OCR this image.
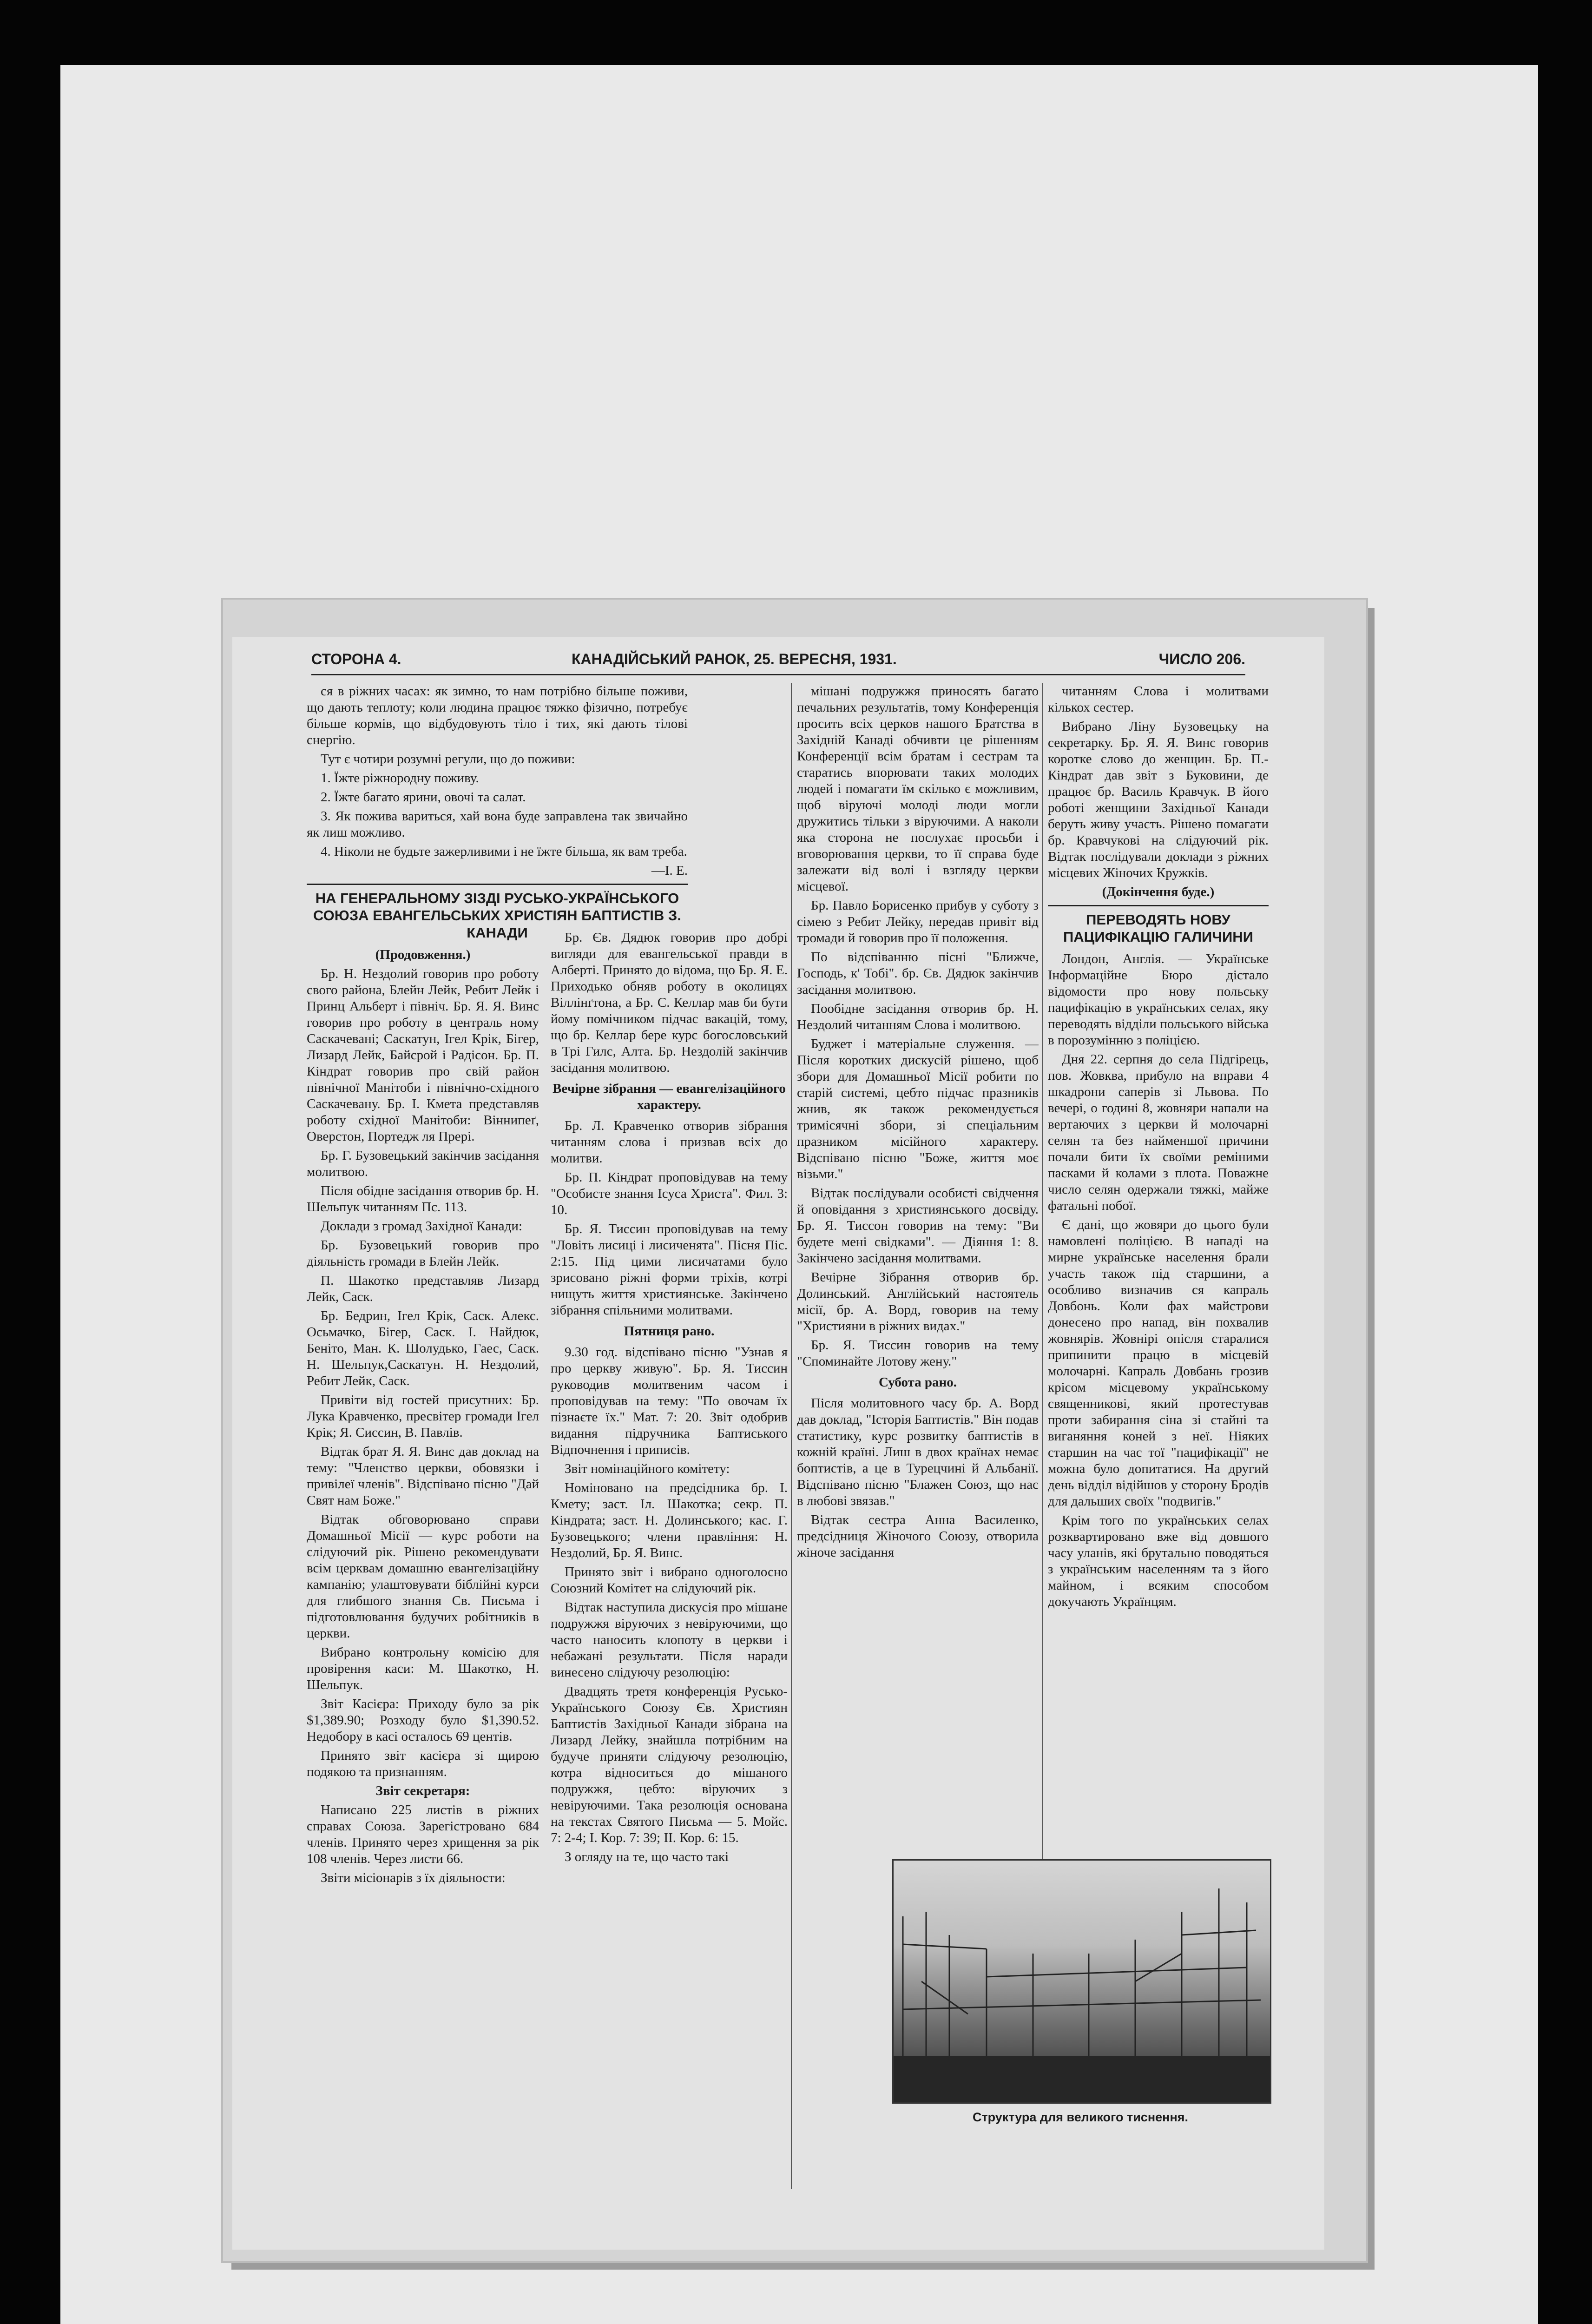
СТОРОНА 4.	КАНАДІЙСЬКИЙ РАНОК, 25. ВЕРЕСНЯ, 1931.	ЧИСЛО 206.

ся в ріжних часах: як зимно, то нам потрібно більше поживи, що дають теплоту; коли людина працює тяжко фізично, потребує більше кормів, що відбудовують тіло і тих, які дають тілові снергію.

Тут є чотири розумні регули, що до поживи:

1. Їжте ріжнородну поживу.

2. Їжте багато ярини, овочі та салат.

3. Як пожива вариться, хай вона буде заправлена так звичайно як лиш можливо.

4. Ніколи не будьте зажерливими і не їжте більша, як вам треба.

—І. Е.

НА ГЕНЕРАЛЬНОМУ ЗІЗДІ РУСЬКО-УКРАЇНСЬКОГО СОЮЗА ЕВАНГЕЛЬСЬКИХ ХРИСТІЯН БАПТИСТІВ З. КАНАДИ

(Продовження.)

Бр. Н. Нездолий говорив про роботу свого района, Блейн Лейк, Ребит Лейк і Принц Альберт і північ. Бр. Я. Я. Винс говорив про роботу в централь ному Саскачевані; Саскатун, Ігел Крік, Бігер, Лизард Лейк, Байсрой і Радісон. Бр. П. Кіндрат говорив про свій район північної Манітоби і північно-східного Саскачевану. Бр. І. Кмета представляв роботу східної Манітоби: Віннипеґ, Оверстон, Портедж ля Прері.

Бр. Г. Бузовецький закінчив засідання молитвою.

Після обідне засідання отворив бр. Н. Шельпук читанням Пс. 113.

Доклади з громад Західної Канади:

Бр. Бузовецький говорив про діяльність громади в Блейн Лейк.

П. Шакотко представляв Лизард Лейк, Саск.

Бр. Бедрин, Ігел Крік, Саск. Алекс. Осьмачко, Бігер, Саск. І. Найдюк, Беніто, Ман. К. Шолудько, Гаес, Саск. Н. Шельпук,Саскатун. Н. Нездолий, Ребит Лейк, Саск.

Привіти від гостей присутних: Бр. Лука Кравченко, пресвітер громади Ігел Крік; Я. Сиссин, В. Павлів.

Відтак брат Я. Я. Винс дав доклад на тему: "Членство церкви, обовязки і привілеї членів". Відспівано пісню "Дай Свят нам Боже."

Відтак обговорювано справи Домашньої Місії — курс роботи на слідуючий рік. Рішено рекомендувати всім церквам домашню евангелізаційну кампанію; улаштовувати біблійні курси для глибшого знання Св. Письма і підготовлювання будучих робітників в церкви.

Вибрано контрольну комісію для провірення каси: М. Шакотко, Н. Шельпук.

Звіт Касієра: Приходу було за рік $1,389.90; Розходу було $1,390.52. Недобору в касі осталось 69 центів.

Принято звіт касієра зі щирою подякою та признанням.

Звіт секретаря:

Написано 225 листів в ріжних справах Союза. Зарегістровано 684 членів. Принято через хрищення за рік 108 членів. Через листи 66.

Звіти місіонарів з їх діяльности:

Бр. Єв. Дядюк говорив про добрі вигляди для евангельської правди в Алберті. Принято до відома, що Бр. Я. Е. Приходько обняв роботу в околицях Віллінґтона, а Бр. С. Келлар мав би бути йому помічником підчас вакацій, тому, що бр. Келлар бере курс богословський в Трі Гилс, Алта. Бр. Нездолій закінчив засідання молитвою.

Вечірне зібрання — евангелізаційного характеру.

Бр. Л. Кравченко отворив зібрання читанням слова і призвав всіх до молитви.

Бр. П. Кіндрат проповідував на тему "Особисте знання Ісуса Христа". Фил. 3: 10.

Бр. Я. Тиссин проповідував на тему "Ловіть лисиці і лисиченята". Пісня Піс. 2:15. Під цими лисичатами було зрисовано ріжні форми тріхів, котрі нищуть життя християнське. Закінчено зібрання спільними молитвами.

Пятниця рано.

9.30 год. відспівано пісню "Узнав я про церкву живую". Бр. Я. Тиссин руководив молитвеним часом і проповідував на тему: "По овочам їх пізнаєте їх." Мат. 7: 20. Звіт одобрив видання підручника Баптиського Відпочнення і приписів.

Звіт номінаційного комітету:

Номіновано на предсідника бр. І. Кмету; заст. Іл. Шакотка; секр. П. Кіндрата; заст. Н. Долинського; кас. Г. Бузовецького; члени правління: Н. Нездолий, Бр. Я. Винс.

Принято звіт і вибрано одноголосно Союзний Комітет на слідуючий рік.

Відтак наступила дискусія про мішане подружжя віруючих з невіруючими, що часто наносить клопоту в церкви і небажані результати. Після наради винесено слідуючу резолюцію:

Двадцять третя конференція Русько-Українського Союзу Єв. Християн Баптистів Західньої Канади зібрана на Лизард Лейку, знайшла потрібним на будуче приняти слідуючу резолюцію, котра відноситься до мішаного подружжя, цебто: віруючих з невіруючими. Така резолюція основана на текстах Святого Письма — 5. Мойс. 7: 2-4; І. Кор. 7: 39; ІІ. Кор. 6: 15.

З огляду на те, що часто такі

мішані подружжя приносять багато печальних результатів, тому Конференція просить всіх церков нашого Братства в Західній Канаді обчивти це рішенням Конференції всім братам і сестрам та старатись впорювати таких молодих людей і помагати їм скілько є можливим, щоб віруючі молоді люди могли дружитись тільки з віруючими. А наколи яка сторона не послухає просьби і вговорювання церкви, то її справа буде залежати від волі і взгляду церкви місцевої.

Бр. Павло Борисенко прибув у суботу з сімею з Ребит Лейку, передав привіт від тромади й говорив про її положення.

По відспіванню пісні "Ближче, Господь, к' Тобі". бр. Єв. Дядюк закінчив засідання молитвою.

Пообідне засідання отворив бр. Н. Нездолий читанням Слова і молитвою.

Буджет і матеріальне служення. — Після коротких дискусій рішено, щоб збори для Домашньої Місії робити по старій системі, цебто підчас празників жнив, як також рекомендується тримісячні збори, зі спеціальним празником місійного характеру. Відспівано пісню "Боже, життя моє візьми."

Відтак послідували особисті свідчення й оповідання з християнського досвіду. Бр. Я. Тиссон говорив на тему: "Ви будете мені свідками". — Діяння 1: 8. Закінчено засідання молитвами.

Вечірне Зібрання отворив бр. Долинський. Англійський настоятель місії, бр. А. Ворд, говорив на тему "Християни в ріжних видах."

Бр. Я. Тиссин говорив на тему "Споминайте Лотову жену."

Субота рано.

Після молитовного часу бр. А. Ворд дав доклад, "Історія Баптистів." Він подав статистику, курс розвитку баптистів в кожній країні. Лиш в двох країнах немає боптистів, а це в Турецчині й Альбанії. Відспівано пісню "Блажен Союз, що нас в любові звязав."

Відтак сестра Анна Василенко, предсідниця Жіночого Союзу, отворила жіноче засідання

читанням Слова і молитвами кількох сестер.

Вибрано Ліну Бузовецьку на секретарку. Бр. Я. Я. Винс говорив коротке слово до женщин. Бр. П.-Кіндрат дав звіт з Буковини, де працює бр. Василь Кравчук. В його роботі женщини Західньої Канади беруть живу участь. Рішено помагати бр. Кравчукові на слідуючий рік. Відтак послідували доклади з ріжних місцевих Жіночих Кружків.

(Докінчення буде.)

ПЕРЕВОДЯТЬ НОВУ ПАЦИФІКАЦІЮ ГАЛИЧИНИ

Лондон, Англія. — Українське Інформаційне Бюро дістало відомости про нову польську пацифікацію в українських селах, яку переводять відділи польського війська в порозумінню з поліцією.

Дня 22. серпня до села Підгірець, пов. Жовква, прибуло на вправи 4 шкадрони саперів зі Львова. По вечері, о годині 8, жовняри напали на вертаючих з церкви й молочарні селян та без найменшої причини почали бити їх своїми реміними пасками й колами з плота. Поважне число селян одержали тяжкі, майже фатальні побої.

Є дані, що жовяри до цього були намовлені поліцією. В нападі на мирне українське населення брали участь також під старшини, а особливо визначив ся капраль Довбонь. Коли фах майстрови донесено про напад, він похвалив жовнярів. Жовнірі опісля старалися припинити працю в місцевій молочарні. Капраль Довбань грозив крісом місцевому українському священникові, який протестував проти забирання сіна зі стайні та виганяння коней з неї. Ніяких старшин на час тої "пацифікації" не можна було допитатися. На другий день відділ відійшов у сторону Бродів для дальших своїх "подвигів."

Крім того по українських селах розквартировано вже від довшого часу уланів, які брутально поводяться з українським населенням та з його майном, і всяким способом докучають Українцям.

Структура для великого тиснення.
